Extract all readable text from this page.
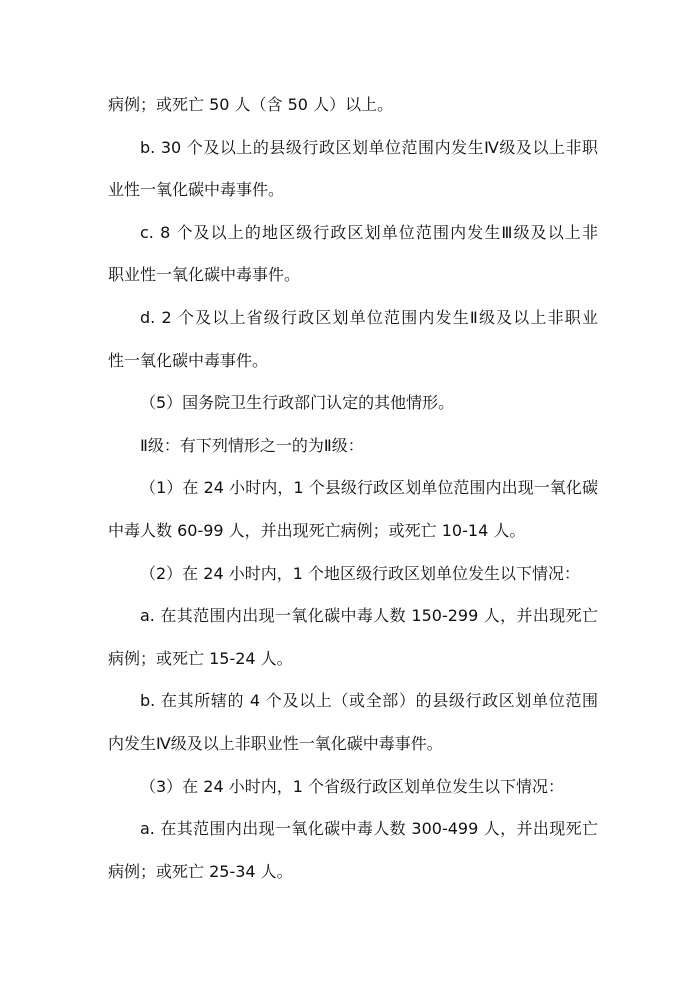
病例；或死亡 50 人（含 50 人）以上。
b. 30 个及以上的县级行政区划单位范围内发生Ⅳ级及以上非职
业性一氧化碳中毒事件。
c. 8 个及以上的地区级行政区划单位范围内发生Ⅲ级及以上非
职业性一氧化碳中毒事件。
d. 2 个及以上省级行政区划单位范围内发生Ⅱ级及以上非职业
性一氧化碳中毒事件。
（5）国务院卫生行政部门认定的其他情形。
Ⅱ级：有下列情形之一的为Ⅱ级：
（1）在 24 小时内，1 个县级行政区划单位范围内出现一氧化碳
中毒人数 60-99 人，并出现死亡病例；或死亡 10-14 人。
（2）在 24 小时内，1 个地区级行政区划单位发生以下情况：
a. 在其范围内出现一氧化碳中毒人数 150-299 人，并出现死亡
病例；或死亡 15-24 人。
b. 在其所辖的 4 个及以上（或全部）的县级行政区划单位范围
内发生Ⅳ级及以上非职业性一氧化碳中毒事件。
（3）在 24 小时内，1 个省级行政区划单位发生以下情况：
a. 在其范围内出现一氧化碳中毒人数 300-499 人，并出现死亡
病例；或死亡 25-34 人。
